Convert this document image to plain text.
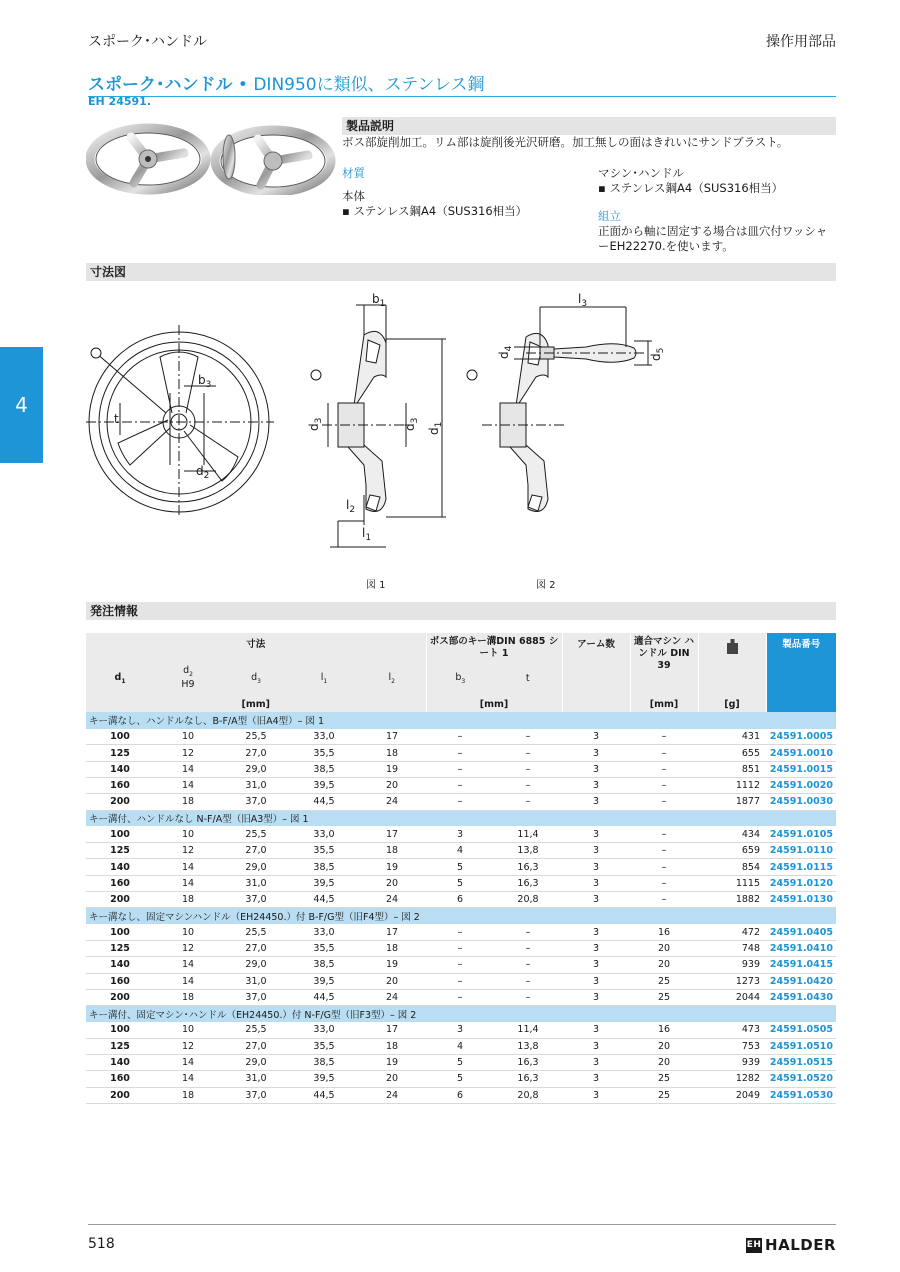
スポーク･ハンドル	操作用部品
スポーク･ハンドル • DIN950に類似、ステンレス鋼
EH 24591.
4
製品説明
ボス部旋削加工。リム部は旋削後光沢研磨。加工無しの面はきれいにサンドブラスト。
材質
本体
▪ ステンレス鋼A4（SUS316相当）
マシン･ハンドル
▪ ステンレス鋼A4（SUS316相当）
組立
正面から軸に固定する場合は皿穴付ワッシャーEH22270.を使います。
寸法図
$b_3$
$d_2$
t
$b_1$
$d_3$
$d_3$
$d_1$
$l_2$
$l_1$
$l_3$
$d_4$
$d_5$
図 1	図 2
発注情報
寸法					ボス部のキー溝DIN 6885 シート 1		アーム数	適合マシン ハンドル DIN 39		製品番号
$d_1$	$d_2$
H9	$d_3$	$l_1$	$l_2$	$b_3$	t				
[mm]					[mm]			[mm]	[g]	
キー溝なし、ハンドルなし、B-F/A型（旧A4型）– 図 1										
100	10	25,5	33,0	17	–	–	3	–	431	24591.0005
125	12	27,0	35,5	18	–	–	3	–	655	24591.0010
140	14	29,0	38,5	19	–	–	3	–	851	24591.0015
160	14	31,0	39,5	20	–	–	3	–	1112	24591.0020
200	18	37,0	44,5	24	–	–	3	–	1877	24591.0030
キー溝付、ハンドルなし N-F/A型（旧A3型）– 図 1										
100	10	25,5	33,0	17	3	11,4	3	–	434	24591.0105
125	12	27,0	35,5	18	4	13,8	3	–	659	24591.0110
140	14	29,0	38,5	19	5	16,3	3	–	854	24591.0115
160	14	31,0	39,5	20	5	16,3	3	–	1115	24591.0120
200	18	37,0	44,5	24	6	20,8	3	–	1882	24591.0130
キー溝なし、固定マシンハンドル（EH24450.）付 B-F/G型（旧F4型）– 図 2										
100	10	25,5	33,0	17	–	–	3	16	472	24591.0405
125	12	27,0	35,5	18	–	–	3	20	748	24591.0410
140	14	29,0	38,5	19	–	–	3	20	939	24591.0415
160	14	31,0	39,5	20	–	–	3	25	1273	24591.0420
200	18	37,0	44,5	24	–	–	3	25	2044	24591.0430
キー溝付、固定マシン･ハンドル（EH24450.）付 N-F/G型（旧F3型）– 図 2										
100	10	25,5	33,0	17	3	11,4	3	16	473	24591.0505
125	12	27,0	35,5	18	4	13,8	3	20	753	24591.0510
140	14	29,0	38,5	19	5	16,3	3	20	939	24591.0515
160	14	31,0	39,5	20	5	16,3	3	25	1282	24591.0520
200	18	37,0	44,5	24	6	20,8	3	25	2049	24591.0530
518	EH HALDER
